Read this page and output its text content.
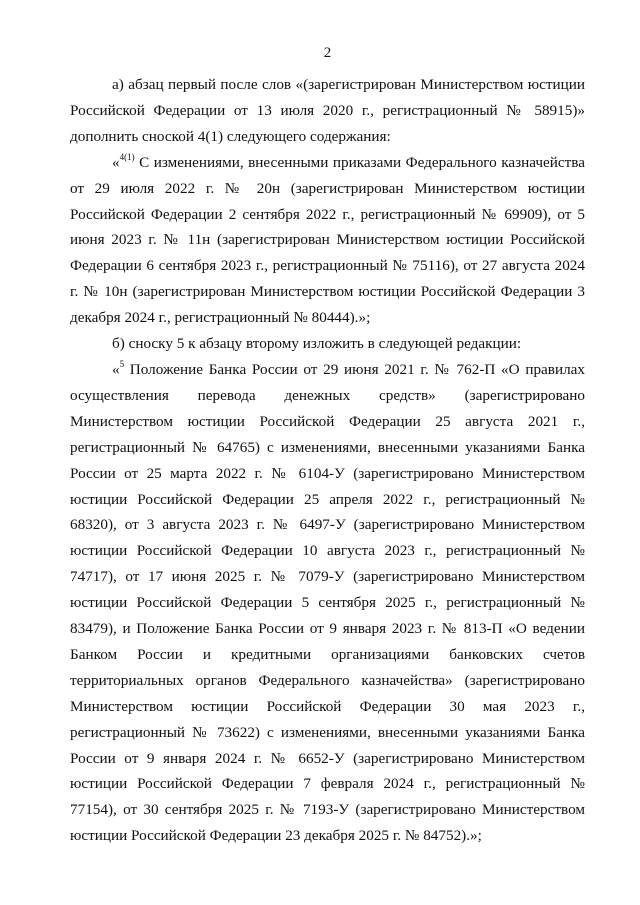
2

а) абзац первый после слов «(зарегистрирован Министерством юстиции Российской Федерации от 13 июля 2020 г., регистрационный № 58915)» дополнить сноской 4(1) следующего содержания:

«$^{4(1)}$ С изменениями, внесенными приказами Федерального казначейства от 29 июля 2022 г. № 20н (зарегистрирован Министерством юстиции Российской Федерации 2 сентября 2022 г., регистрационный № 69909), от 5 июня 2023 г. № 11н (зарегистрирован Министерством юстиции Российской Федерации 6 сентября 2023 г., регистрационный № 75116), от 27 августа 2024 г. № 10н (зарегистрирован Министерством юстиции Российской Федерации 3 декабря 2024 г., регистрационный № 80444).»;

б) сноску 5 к абзацу второму изложить в следующей редакции:

«$^5$ Положение Банка России от 29 июня 2021 г. № 762-П «О правилах осуществления перевода денежных средств» (зарегистрировано Министерством юстиции Российской Федерации 25 августа 2021 г., регистрационный № 64765) с изменениями, внесенными указаниями Банка России от 25 марта 2022 г. № 6104-У (зарегистрировано Министерством юстиции Российской Федерации 25 апреля 2022 г., регистрационный № 68320), от 3 августа 2023 г. № 6497-У (зарегистрировано Министерством юстиции Российской Федерации 10 августа 2023 г., регистрационный № 74717), от 17 июня 2025 г. № 7079-У (зарегистрировано Министерством юстиции Российской Федерации 5 сентября 2025 г., регистрационный № 83479), и Положение Банка России от 9 января 2023 г. № 813-П «О ведении Банком России и кредитными организациями банковских счетов территориальных органов Федерального казначейства» (зарегистрировано Министерством юстиции Российской Федерации 30 мая 2023 г., регистрационный № 73622) с изменениями, внесенными указаниями Банка России от 9 января 2024 г. № 6652-У (зарегистрировано Министерством юстиции Российской Федерации 7 февраля 2024 г., регистрационный № 77154), от 30 сентября 2025 г. № 7193-У (зарегистрировано Министерством юстиции Российской Федерации 23 декабря 2025 г. № 84752).»;
